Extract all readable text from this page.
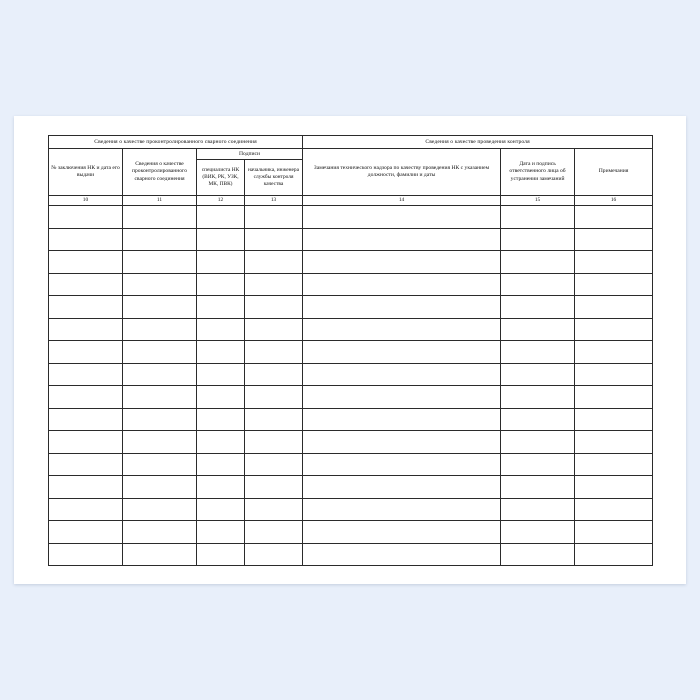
Сведения о качестве проконтролированного сварного соединения				Сведения о качестве проведения контроля		
№ заключения НК и дата его выдачи	Сведения о качестве проконтролированного сварного соединения	Подписи		Замечания технического надзора по качеству проведения НК с указанием должности, фамилии и даты	Дата и подпись ответственного лица об устранении замечаний	Примечания
		специалиста НК (ВИК, РК, УЗК, МК, ПВК)	начальника, инженера службы контроля качества			
10	11	12	13	14	15	16
